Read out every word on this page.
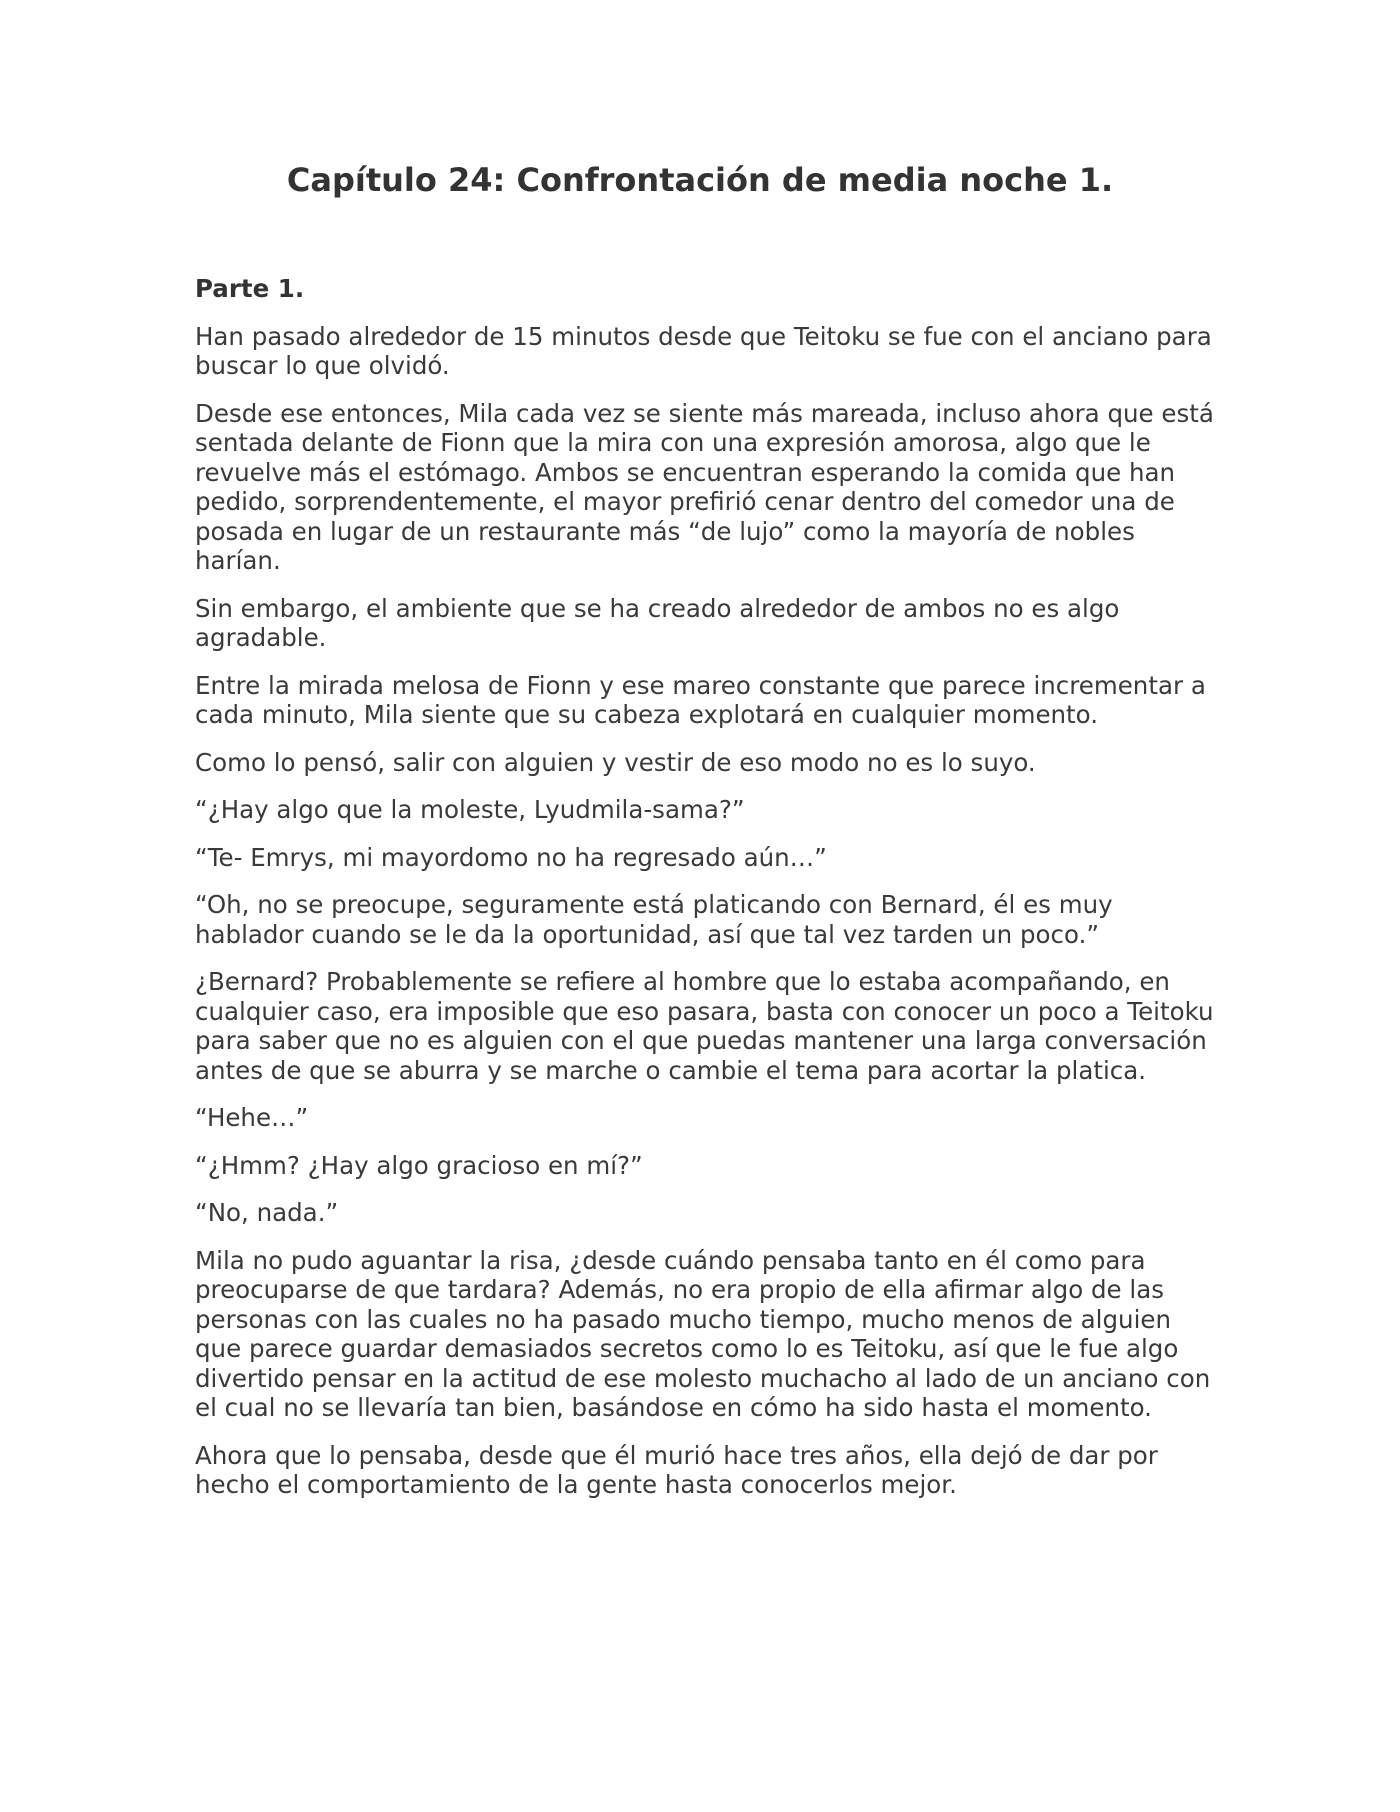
Capítulo 24: Confrontación de media noche 1.

Parte 1.

Han pasado alrededor de 15 minutos desde que Teitoku se fue con el anciano para buscar lo que olvidó.

Desde ese entonces, Mila cada vez se siente más mareada, incluso ahora que está sentada delante de Fionn que la mira con una expresión amorosa, algo que le revuelve más el estómago. Ambos se encuentran esperando la comida que han pedido, sorprendentemente, el mayor prefirió cenar dentro del comedor una de posada en lugar de un restaurante más “de lujo” como la mayoría de nobles harían.

Sin embargo, el ambiente que se ha creado alrededor de ambos no es algo agradable.

Entre la mirada melosa de Fionn y ese mareo constante que parece incrementar a cada minuto, Mila siente que su cabeza explotará en cualquier momento.

Como lo pensó, salir con alguien y vestir de eso modo no es lo suyo.

“¿Hay algo que la moleste, Lyudmila-sama?”

“Te- Emrys, mi mayordomo no ha regresado aún…”

“Oh, no se preocupe, seguramente está platicando con Bernard, él es muy hablador cuando se le da la oportunidad, así que tal vez tarden un poco.”

¿Bernard? Probablemente se refiere al hombre que lo estaba acompañando, en cualquier caso, era imposible que eso pasara, basta con conocer un poco a Teitoku para saber que no es alguien con el que puedas mantener una larga conversación antes de que se aburra y se marche o cambie el tema para acortar la platica.

“Hehe…”

“¿Hmm? ¿Hay algo gracioso en mí?”

“No, nada.”

Mila no pudo aguantar la risa, ¿desde cuándo pensaba tanto en él como para preocuparse de que tardara? Además, no era propio de ella afirmar algo de las personas con las cuales no ha pasado mucho tiempo, mucho menos de alguien que parece guardar demasiados secretos como lo es Teitoku, así que le fue algo divertido pensar en la actitud de ese molesto muchacho al lado de un anciano con el cual no se llevaría tan bien, basándose en cómo ha sido hasta el momento.

Ahora que lo pensaba, desde que él murió hace tres años, ella dejó de dar por hecho el comportamiento de la gente hasta conocerlos mejor.
